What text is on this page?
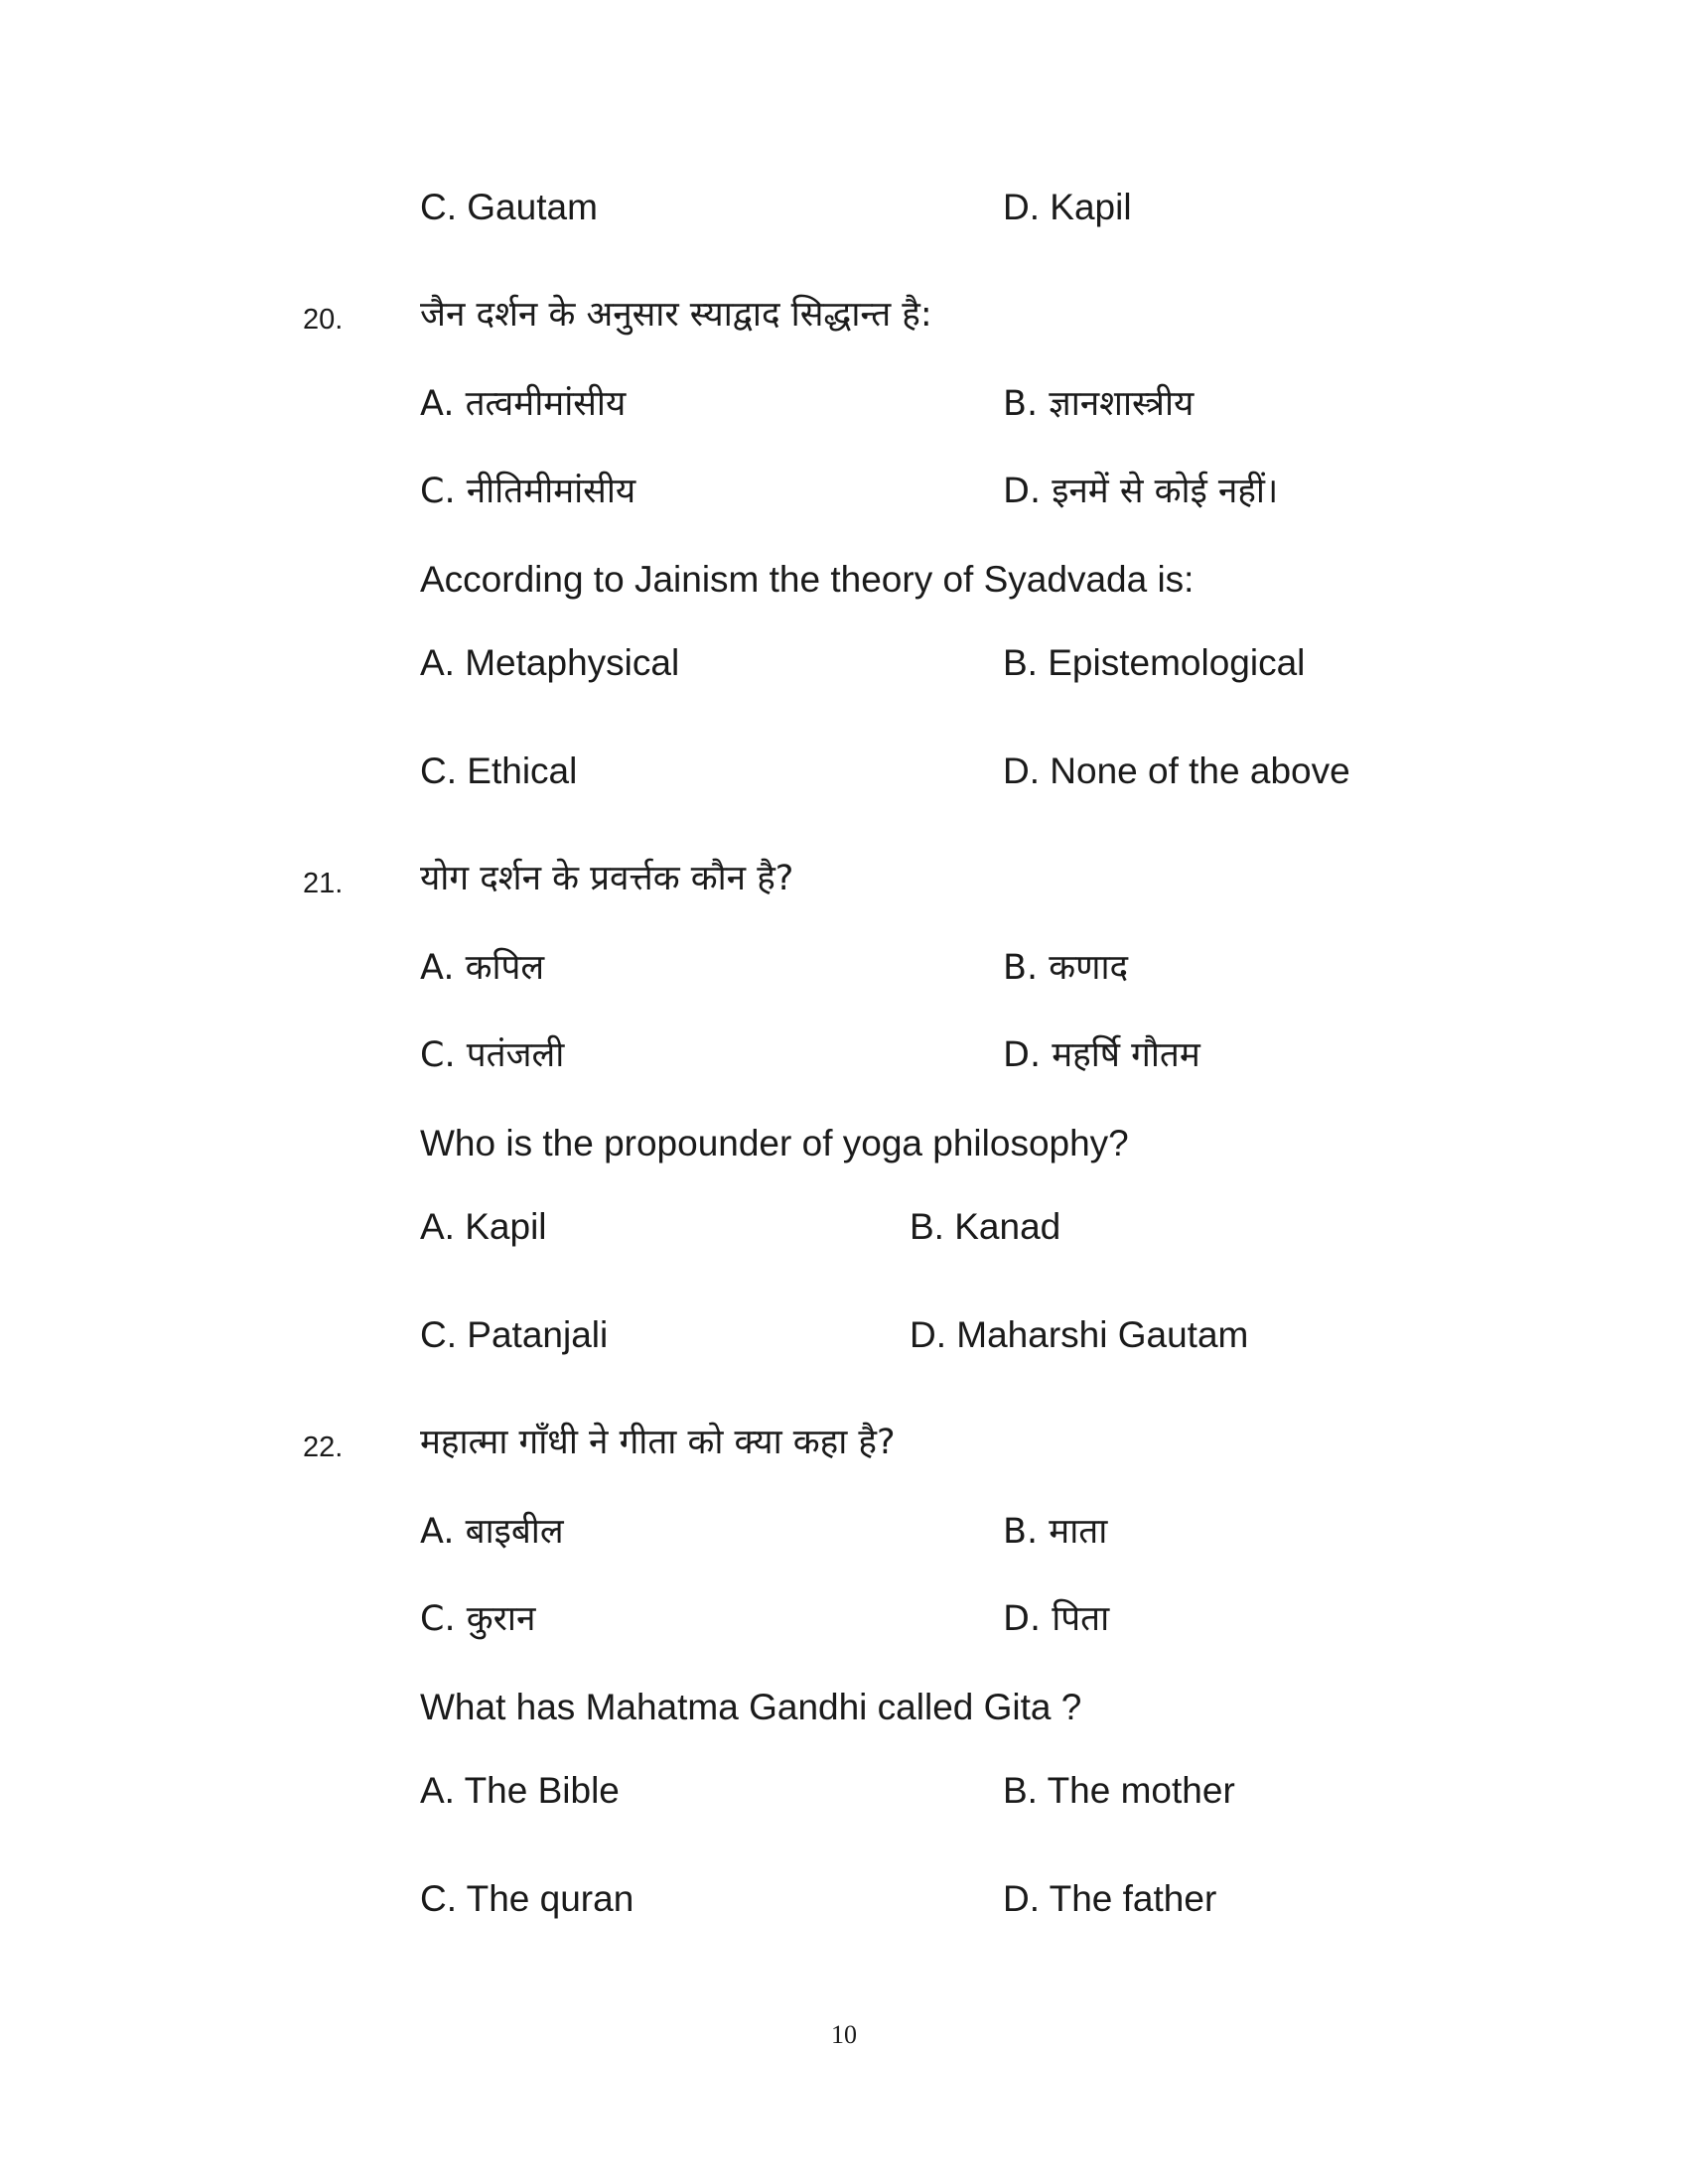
C. Gautam	D. Kapil
20. जैन दर्शन के अनुसार स्याद्वाद सिद्धान्त है:
A. तत्वमीमांसीय	B. ज्ञानशास्त्रीय
C. नीतिमीमांसीय	D. इनमें से कोई नहीं।
According to Jainism the theory of Syadvada is:
A. Metaphysical	B. Epistemological
C. Ethical	D. None of the above
21. योग दर्शन के प्रवर्त्तक कौन है?
A. कपिल	B. कणाद
C. पतंजली	D. महर्षि गौतम
Who is the propounder of yoga philosophy?
A. Kapil	B. Kanad
C. Patanjali	D. Maharshi Gautam
22. महात्मा गाँधी ने गीता को क्या कहा है?
A. बाइबील	B. माता
C. कुरान	D. पिता
What has Mahatma Gandhi called Gita ?
A. The Bible	B. The mother
C. The quran	D. The father
10
